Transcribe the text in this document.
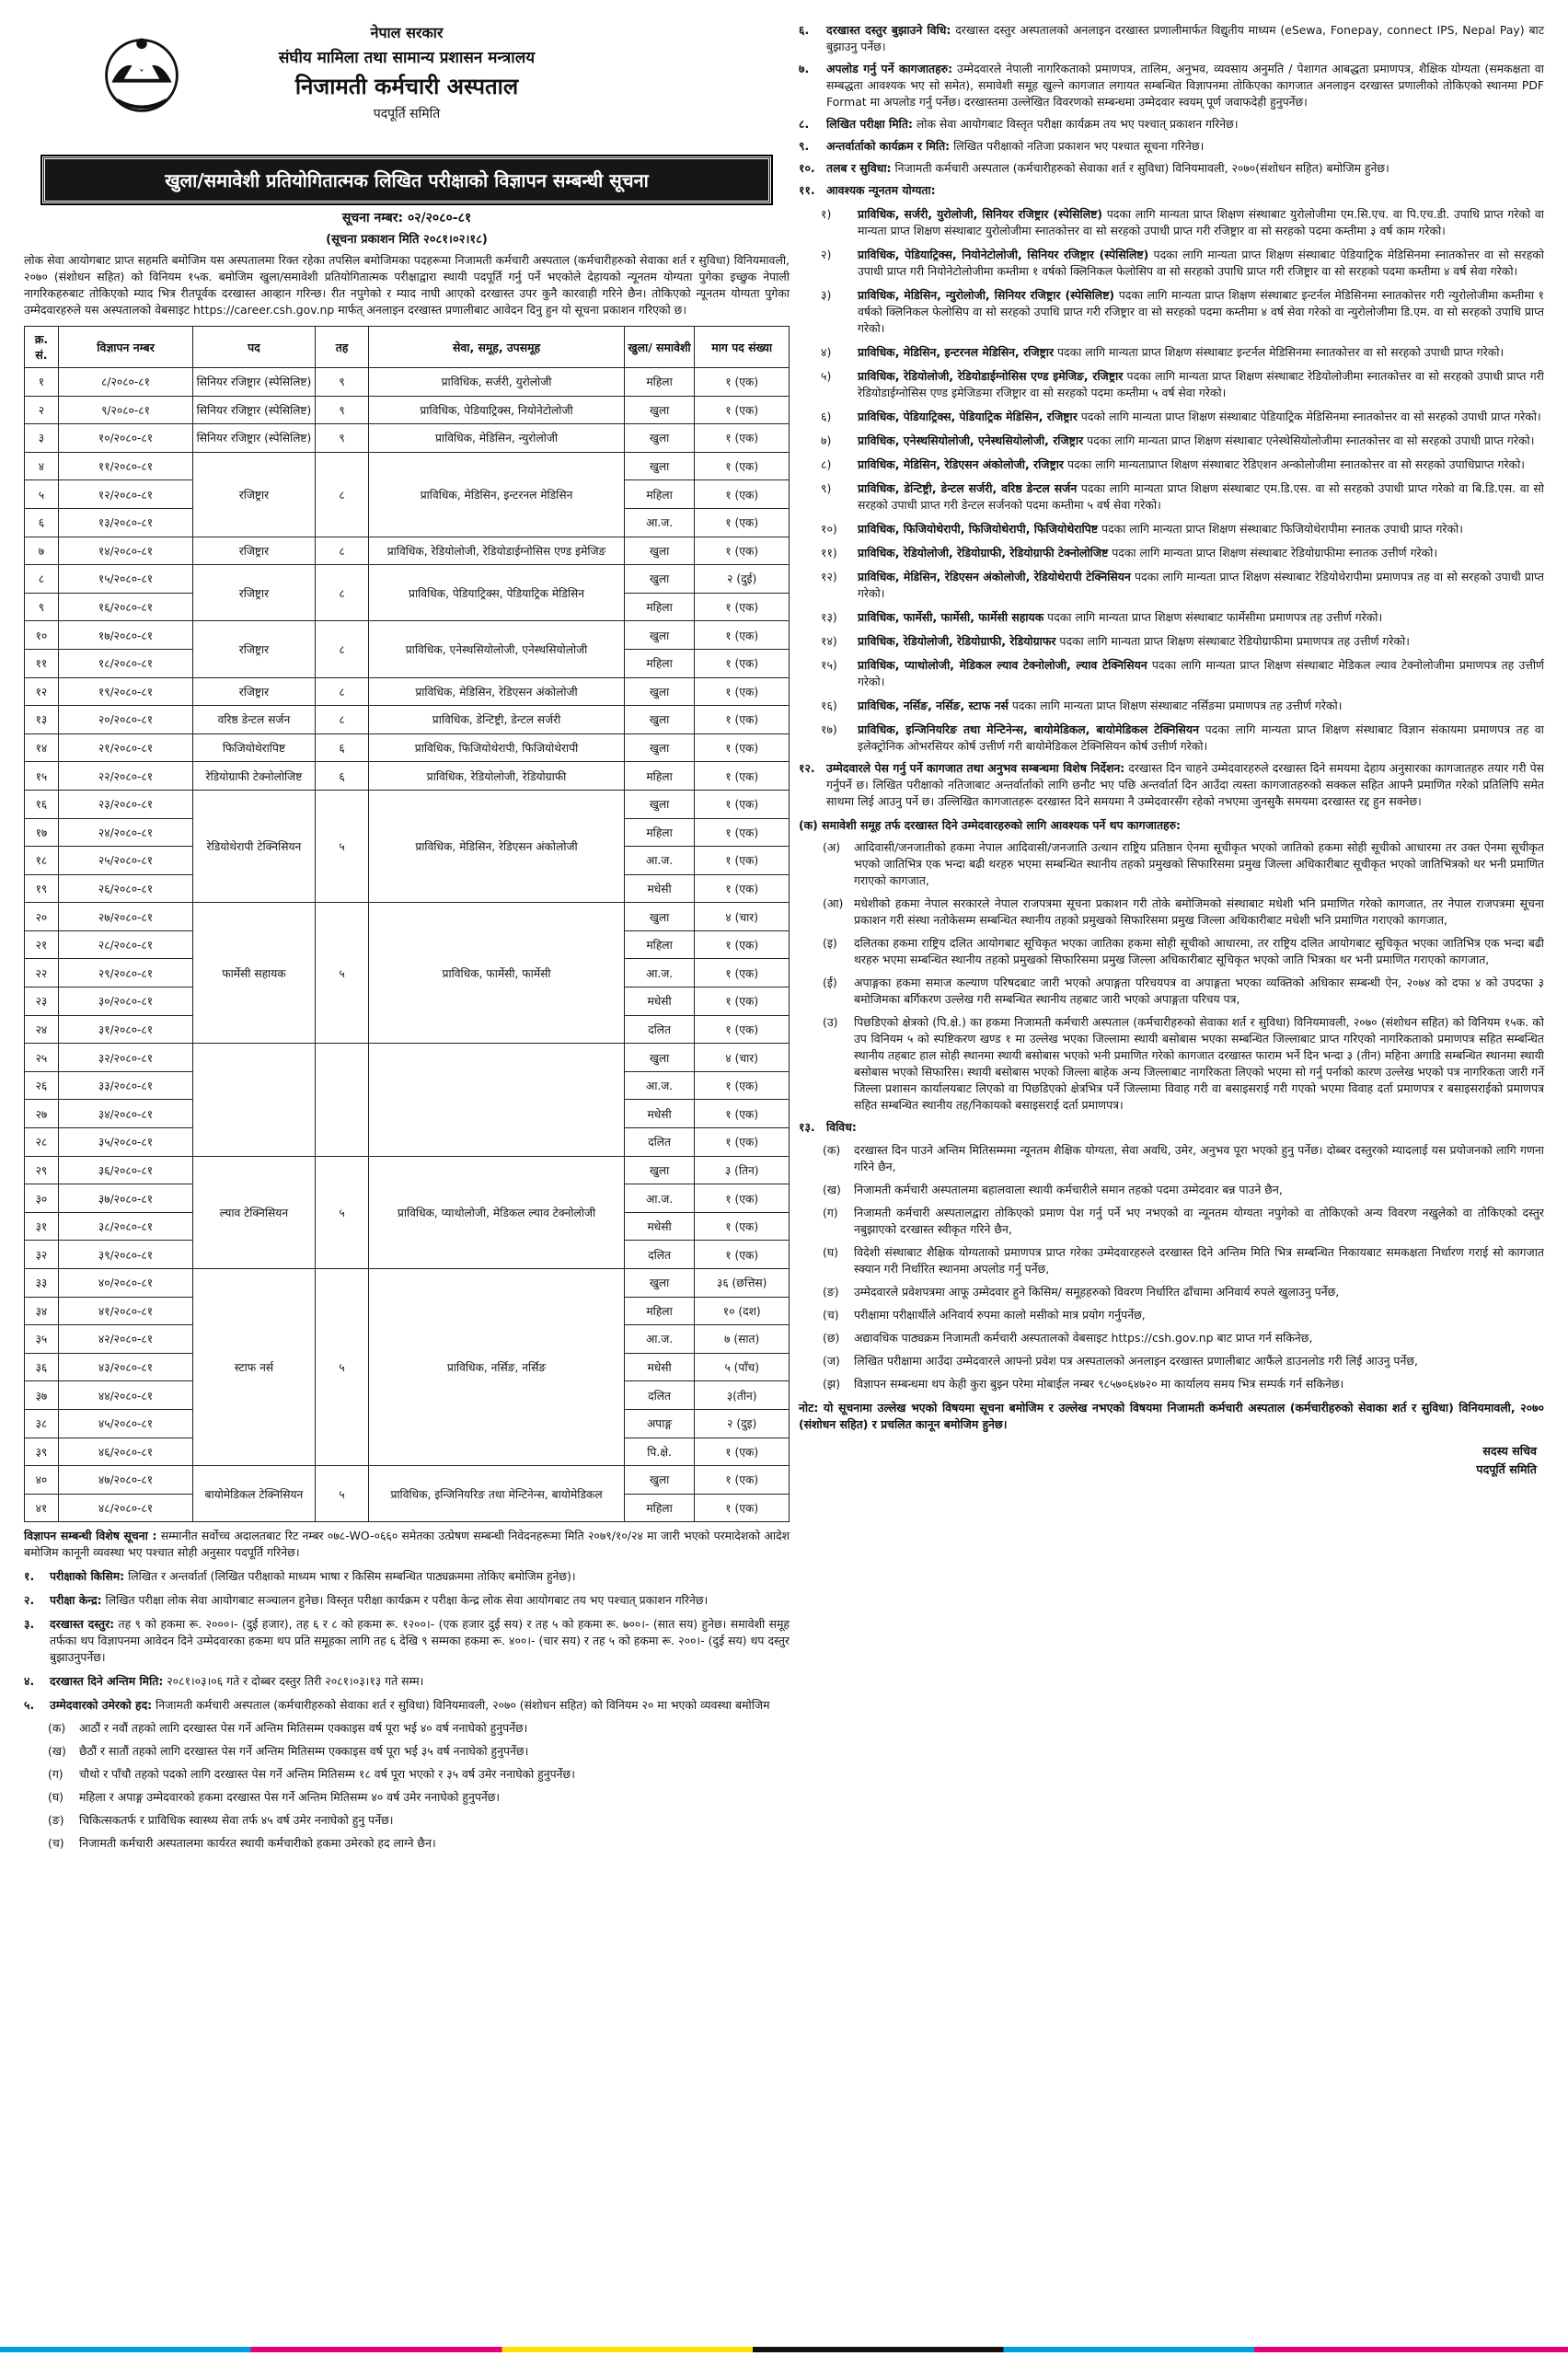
नेपाल सरकार
संघीय मामिला तथा सामान्य प्रशासन मन्त्रालय
निजामती कर्मचारी अस्पताल
पदपूर्ति समिति
खुला/समावेशी प्रतियोगितात्मक लिखित परीक्षाको विज्ञापन सम्बन्धी सूचना
सूचना नम्बर: ०२/२०८०-८१
(सूचना प्रकाशन मिति २०८१।०२।१८)
लोक सेवा आयोगबाट प्राप्त सहमति बमोजिम यस अस्पतालमा रिक्त रहेका तपसिल बमोजिमका पदहरूमा निजामती कर्मचारी अस्पताल (कर्मचारीहरुको सेवाका शर्त र सुविधा) विनियमावली, २०७० (संशोधन सहित) को विनियम १५क. बमोजिम खुला/समावेशी प्रतियोगितात्मक परीक्षाद्वारा स्थायी पदपूर्ति गर्नु पर्ने भएकोले देहायको न्यूनतम योग्यता पुगेका इच्छुक नेपाली नागरिकहरुबाट तोकिएको म्याद भित्र रीतपूर्वक दरखास्त आव्हान गरिन्छ। रीत नपुगेको र म्याद नाघी आएको दरखास्त उपर कुनै कारवाही गरिने छैन। तोकिएको न्यूनतम योग्यता पुगेका उम्मेदवारहरुले यस अस्पतालको वेबसाइट https://career.csh.gov.np मार्फत् अनलाइन दरखास्त प्रणालीबाट आवेदन दिनु हुन यो सूचना प्रकाशन गरिएको छ।
क्र. सं.	विज्ञापन नम्बर	पद	तह	सेवा, समूह, उपसमूह	खुला/ समावेशी	माग पद संख्या
१	८/२०८०-८१	सिनियर रजिष्ट्रार (स्पेसिलिष्ट)	९	प्राविधिक, सर्जरी, युरोलोजी	महिला	१ (एक)
२	९/२०८०-८१	सिनियर रजिष्ट्रार (स्पेसिलिष्ट)	९	प्राविधिक, पेडियाट्रिक्स, नियोनेटोलोजी	खुला	१ (एक)
३	१०/२०८०-८१	सिनियर रजिष्ट्रार (स्पेसिलिष्ट)	९	प्राविधिक, मेडिसिन, न्युरोलोजी	खुला	१ (एक)
४	११/२०८०-८१	रजिष्ट्रार	८	प्राविधिक, मेडिसिन, इन्टरनल मेडिसिन	खुला	१ (एक)
५	१२/२०८०-८१				महिला	१ (एक)
६	१३/२०८०-८१				आ.ज.	१ (एक)
७	१४/२०८०-८१	रजिष्ट्रार	८	प्राविधिक, रेडियोलोजी, रेडियोडाईग्नोसिस एण्ड इमेजिङ	खुला	१ (एक)
८	१५/२०८०-८१	रजिष्ट्रार	८	प्राविधिक, पेडियाट्रिक्स, पेडियाट्रिक मेडिसिन	खुला	२ (दुई)
९	१६/२०८०-८१				महिला	१ (एक)
१०	१७/२०८०-८१	रजिष्ट्रार	८	प्राविधिक, एनेस्थसियोलोजी, एनेस्थसियोलोजी	खुला	१ (एक)
११	१८/२०८०-८१				महिला	१ (एक)
१२	१९/२०८०-८१	रजिष्ट्रार	८	प्राविधिक, मेडिसिन, रेडिएसन अंकोलोजी	खुला	१ (एक)
१३	२०/२०८०-८१	वरिष्ठ डेन्टल सर्जन	८	प्राविधिक, डेन्टिष्ट्री, डेन्टल सर्जरी	खुला	१ (एक)
१४	२१/२०८०-८१	फिजियोथेरापिष्ट	६	प्राविधिक, फिजियोथेरापी, फिजियोथेरापी	खुला	१ (एक)
१५	२२/२०८०-८१	रेडियोग्राफी टेक्नोलोजिष्ट	६	प्राविधिक, रेडियोलोजी, रेडियोग्राफी	महिला	१ (एक)
१६	२३/२०८०-८१	रेडियोथेरापी टेक्निसियन	५	प्राविधिक, मेडिसिन, रेडिएसन अंकोलोजी	खुला	१ (एक)
१७	२४/२०८०-८१				महिला	१ (एक)
१८	२५/२०८०-८१				आ.ज.	१ (एक)
१९	२६/२०८०-८१				मधेसी	१ (एक)
२०	२७/२०८०-८१	फार्मेसी सहायक	५	प्राविधिक, फार्मेसी, फार्मेसी	खुला	४ (चार)
२१	२८/२०८०-८१				महिला	१ (एक)
२२	२९/२०८०-८१				आ.ज.	१ (एक)
२३	३०/२०८०-८१				मधेसी	१ (एक)
२४	३१/२०८०-८१				दलित	१ (एक)
२५	३२/२०८०-८१				खुला	४ (चार)
२६	३३/२०८०-८१				आ.ज.	१ (एक)
२७	३४/२०८०-८१				मधेसी	१ (एक)
२८	३५/२०८०-८१				दलित	१ (एक)
२९	३६/२०८०-८१	ल्याव टेक्निसियन	५	प्राविधिक, प्याथोलोजी, मेडिकल ल्याव टेक्नोलोजी	खुला	३ (तिन)
३०	३७/२०८०-८१				आ.ज.	१ (एक)
३१	३८/२०८०-८१				मधेसी	१ (एक)
३२	३९/२०८०-८१				दलित	१ (एक)
३३	४०/२०८०-८१	स्टाफ नर्स	५	प्राविधिक, नर्सिङ, नर्सिङ	खुला	३६ (छत्तिस)
३४	४१/२०८०-८१				महिला	१० (दश)
३५	४२/२०८०-८१				आ.ज.	७ (सात)
३६	४३/२०८०-८१				मधेसी	५ (पाँच)
३७	४४/२०८०-८१				दलित	३(तीन)
३८	४५/२०८०-८१				अपाङ्ग	२ (दुइ)
३९	४६/२०८०-८१				पि.क्षे.	१ (एक)
४०	४७/२०८०-८१	बायोमेडिकल टेक्निसियन	५	प्राविधिक, इन्जिनियरिङ तथा मेन्टिनेन्स, बायोमेडिकल	खुला	१ (एक)
४१	४८/२०८०-८१				महिला	१ (एक)
विज्ञापन सम्बन्धी विशेष सूचना : सम्मानीत सर्वोच्च अदालतबाट रिट नम्बर ०७८-WO-०६६० समेतका उत्प्रेषण सम्बन्धी निवेदनहरूमा मिति २०७९/१०/२४ मा जारी भएको परमादेशको आदेश बमोजिम कानूनी व्यवस्था भए पश्चात सोही अनुसार पदपूर्ति गरिनेछ।
१.	परीक्षाको किसिम: लिखित र अन्तर्वार्ता (लिखित परीक्षाको माध्यम भाषा र किसिम सम्बन्धित पाठ्यक्रममा तोकिए बमोजिम हुनेछ)।
२.	परीक्षा केन्द्र: लिखित परीक्षा लोक सेवा आयोगबाट सञ्चालन हुनेछ। विस्तृत परीक्षा कार्यक्रम र परीक्षा केन्द्र लोक सेवा आयोगबाट तय भए पश्चात् प्रकाशन गरिनेछ।
३.	दरखास्त दस्तुर: तह ९ को हकमा रू. २०००।- (दुई हजार), तह ६ र ८ को हकमा रू. १२००।- (एक हजार दुई सय) र तह ५ को हकमा रू. ७००।- (सात सय) हुनेछ। समावेशी समूह तर्फका थप विज्ञापनमा आवेदन दिने उम्मेदवारका हकमा थप प्रति समूहका लागि तह ६ देखि ९ सम्मका हकमा रू. ४००।- (चार सय) र तह ५ को हकमा रू. २००।- (दुई सय) थप दस्तुर बुझाउनुपर्नेछ।
४.	दरखास्त दिने अन्तिम मिति: २०८१।०३।०६ गते र दोब्बर दस्तुर तिरी २०८१।०३।१३ गते सम्म।
५.	उम्मेदवारको उमेरको हद: निजामती कर्मचारी अस्पताल (कर्मचारीहरुको सेवाका शर्त र सुविधा) विनियमावली, २०७० (संशोधन सहित) को विनियम २० मा भएको व्यवस्था बमोजिम
(क)	आठौं र नवौं तहको लागि दरखास्त पेस गर्ने अन्तिम मितिसम्म एक्काइस वर्ष पूरा भई ४० वर्ष ननाघेको हुनुपर्नेछ।
(ख)	छैठौं र सातौं तहको लागि दरखास्त पेस गर्ने अन्तिम मितिसम्म एक्काइस वर्ष पूरा भई ३५ वर्ष ननाघेको हुनुपर्नेछ।
(ग)	चौथो र पाँचौ तहको पदको लागि दरखास्त पेस गर्ने अन्तिम मितिसम्म १८ वर्ष पूरा भएको र ३५ वर्ष उमेर ननाघेको हुनुपर्नेछ।
(घ)	महिला र अपाङ्ग उम्मेदवारको हकमा दरखास्त पेस गर्ने अन्तिम मितिसम्म ४० वर्ष उमेर ननाघेको हुनुपर्नेछ।
(ङ)	चिकित्सकतर्फ र प्राविधिक स्वास्थ्य सेवा तर्फ ४५ वर्ष उमेर ननाघेको हुनु पर्नेछ।
(च)	निजामती कर्मचारी अस्पतालमा कार्यरत स्थायी कर्मचारीको हकमा उमेरको हद लाग्ने छैन।
६.	दरखास्त दस्तुर बुझाउने विधि: दरखास्त दस्तुर अस्पतालको अनलाइन दरखास्त प्रणालीमार्फत विद्युतीय माध्यम (eSewa, Fonepay, connect IPS, Nepal Pay) बाट बुझाउनु पर्नेछ।
७.	अपलोड गर्नु पर्ने कागजातहरु: उम्मेदवारले नेपाली नागरिकताको प्रमाणपत्र, तालिम, अनुभव, व्यवसाय अनुमति / पेशागत आबद्धता प्रमाणपत्र, शैक्षिक योग्यता (समकक्षता वा सम्बद्धता आवश्यक भए सो समेत), समावेशी समूह खुल्ने कागजात लगायत सम्बन्धित विज्ञापनमा तोकिएका कागजात अनलाइन दरखास्त प्रणालीको तोकिएको स्थानमा PDF Format मा अपलोड गर्नु पर्नेछ। दरखास्तमा उल्लेखित विवरणको सम्बन्धमा उम्मेदवार स्वयम् पूर्ण जवाफदेही हुनुपर्नेछ।
८.	लिखित परीक्षा मिति: लोक सेवा आयोगबाट विस्तृत परीक्षा कार्यक्रम तय भए पश्चात् प्रकाशन गरिनेछ।
९.	अन्तर्वार्ताको कार्यक्रम र मिति: लिखित परीक्षाको नतिजा प्रकाशन भए पश्चात सूचना गरिनेछ।
१०.	तलब र सुविधा: निजामती कर्मचारी अस्पताल (कर्मचारीहरुको सेवाका शर्त र सुविधा) विनियमावली, २०७०(संशोधन सहित) बमोजिम हुनेछ।
११.	आवश्यक न्यूनतम योग्यता:
१)	प्राविधिक, सर्जरी, युरोलोजी, सिनियर रजिष्ट्रार (स्पेसिलिष्ट) पदका लागि मान्यता प्राप्त शिक्षण संस्थाबाट युरोलोजीमा एम.सि.एच. वा पि.एच.डी. उपाधि प्राप्त गरेको वा मान्यता प्राप्त शिक्षण संस्थाबाट युरोलोजीमा स्नातकोत्तर वा सो सरहको उपाधी प्राप्त गरी रजिष्ट्रार वा सो सरहको पदमा कम्तीमा ३ वर्ष काम गरेको।
२)	प्राविधिक, पेडियाट्रिक्स, नियोनेटोलोजी, सिनियर रजिष्ट्रार (स्पेसिलिष्ट) पदका लागि मान्यता प्राप्त शिक्षण संस्थाबाट पेडियाट्रिक मेडिसिनमा स्नातकोत्तर वा सो सरहको उपाधी प्राप्त गरी नियोनेटोलोजीमा कम्तीमा १ वर्षको क्लिनिकल फेलोसिप वा सो सरहको उपाधि प्राप्त गरी रजिष्ट्रार वा सो सरहको पदमा कम्तीमा ४ वर्ष सेवा गरेको।
३)	प्राविधिक, मेडिसिन, न्युरोलोजी, सिनियर रजिष्ट्रार (स्पेसिलिष्ट) पदका लागि मान्यता प्राप्त शिक्षण संस्थाबाट इन्टर्नल मेडिसिनमा स्नातकोत्तर गरी न्युरोलोजीमा कम्तीमा १ वर्षको क्लिनिकल फेलोसिप वा सो सरहको उपाधि प्राप्त गरी रजिष्ट्रार वा सो सरहको पदमा कम्तीमा ४ वर्ष सेवा गरेको वा न्युरोलोजीमा डि.एम. वा सो सरहको उपाधि प्राप्त गरेको।
४)	प्राविधिक, मेडिसिन, इन्टरनल मेडिसिन, रजिष्ट्रार पदका लागि मान्यता प्राप्त शिक्षण संस्थाबाट इन्टर्नल मेडिसिनमा स्नातकोत्तर वा सो सरहको उपाधी प्राप्त गरेको।
५)	प्राविधिक, रेडियोलोजी, रेडियोडाईग्नोसिस एण्ड इमेजिङ, रजिष्ट्रार पदका लागि मान्यता प्राप्त शिक्षण संस्थाबाट रेडियोलोजीमा स्नातकोत्तर वा सो सरहको उपाधी प्राप्त गरी रेडियोडाईग्नोसिस एण्ड इमेजिङमा रजिष्ट्रार वा सो सरहको पदमा कम्तीमा ५ वर्ष सेवा गरेको।
६)	प्राविधिक, पेडियाट्रिक्स, पेडियाट्रिक मेडिसिन, रजिष्ट्रार पदको लागि मान्यता प्राप्त शिक्षण संस्थाबाट पेडियाट्रिक मेडिसिनमा स्नातकोत्तर वा सो सरहको उपाधी प्राप्त गरेको।
७)	प्राविधिक, एनेस्थसियोलोजी, एनेस्थसियोलोजी, रजिष्ट्रार पदका लागि मान्यता प्राप्त शिक्षण संस्थाबाट एनेस्थेसियोलोजीमा स्नातकोत्तर वा सो सरहको उपाधी प्राप्त गरेको।
८)	प्राविधिक, मेडिसिन, रेडिएसन अंकोलोजी, रजिष्ट्रार पदका लागि मान्यताप्राप्त शिक्षण संस्थाबाट रेडिएशन अन्कोलोजीमा स्नातकोत्तर वा सो सरहको उपाधिप्राप्त गरेको।
९)	प्राविधिक, डेन्टिष्ट्री, डेन्टल सर्जरी, वरिष्ठ डेन्टल सर्जन पदका लागि मान्यता प्राप्त शिक्षण संस्थाबाट एम.डि.एस. वा सो सरहको उपाधी प्राप्त गरेको वा बि.डि.एस. वा सो सरहको उपाधी प्राप्त गरी डेन्टल सर्जनको पदमा कम्तीमा ५ वर्ष सेवा गरेको।
१०)	प्राविधिक, फिजियोथेरापी, फिजियोथेरापी, फिजियोथेरापिष्ट पदका लागि मान्यता प्राप्त शिक्षण संस्थाबाट फिजियोथेरापीमा स्नातक उपाधी प्राप्त गरेको।
११)	प्राविधिक, रेडियोलोजी, रेडियोग्राफी, रेडियोग्राफी टेक्नोलोजिष्ट पदका लागि मान्यता प्राप्त शिक्षण संस्थाबाट रेडियोग्राफीमा स्नातक उत्तीर्ण गरेको।
१२)	प्राविधिक, मेडिसिन, रेडिएसन अंकोलोजी, रेडियोथेरापी टेक्निसियन पदका लागि मान्यता प्राप्त शिक्षण संस्थाबाट रेडियोथेरापीमा प्रमाणपत्र तह वा सो सरहको उपाधी प्राप्त गरेको।
१३)	प्राविधिक, फार्मेसी, फार्मेसी, फार्मेसी सहायक पदका लागि मान्यता प्राप्त शिक्षण संस्थाबाट फार्मेसीमा प्रमाणपत्र तह उत्तीर्ण गरेको।
१४)	प्राविधिक, रेडियोलोजी, रेडियोग्राफी, रेडियोग्राफर पदका लागि मान्यता प्राप्त शिक्षण संस्थाबाट रेडियोग्राफीमा प्रमाणपत्र तह उत्तीर्ण गरेको।
१५)	प्राविधिक, प्याथोलोजी, मेडिकल ल्याव टेक्नोलोजी, ल्याव टेक्निसियन पदका लागि मान्यता प्राप्त शिक्षण संस्थाबाट मेडिकल ल्याव टेक्नोलोजीमा प्रमाणपत्र तह उत्तीर्ण गरेको।
१६)	प्राविधिक, नर्सिङ, नर्सिङ, स्टाफ नर्स पदका लागि मान्यता प्राप्त शिक्षण संस्थाबाट नर्सिङमा प्रमाणपत्र तह उत्तीर्ण गरेको।
१७)	प्राविधिक, इन्जिनियरिङ तथा मेन्टिनेन्स, बायोमेडिकल, बायोमेडिकल टेक्निसियन पदका लागि मान्यता प्राप्त शिक्षण संस्थाबाट विज्ञान संकायमा प्रमाणपत्र तह वा इलेक्ट्रोनिक ओभरसियर कोर्ष उत्तीर्ण गरी बायोमेडिकल टेक्निसियन कोर्ष उत्तीर्ण गरेको।
१२.	उम्मेदवारले पेस गर्नु पर्ने कागजात तथा अनुभव सम्बन्धमा विशेष निर्देशन: दरखास्त दिन चाहने उम्मेदवारहरुले दरखास्त दिने समयमा देहाय अनुसारका कागजातहरु तयार गरी पेस गर्नुपर्ने छ। लिखित परीक्षाको नतिजाबाट अन्तर्वार्ताको लागि छनौट भए पछि अन्तर्वार्ता दिन आउँदा त्यस्ता कागजातहरुको सक्कल सहित आफ्नै प्रमाणित गरेको प्रतिलिपि समेत साथमा लिई आउनु पर्ने छ। उल्लिखित कागजातहरू दरखास्त दिने समयमा नै उम्मेदवारसँग रहेको नभएमा जुनसुकै समयमा दरखास्त रद्द हुन सक्नेछ।
(क) समावेशी समूह तर्फ दरखास्त दिने उम्मेदवारहरुको लागि आवश्यक पर्ने थप कागजातहरु:
(अ)	आदिवासी/जनजातीको हकमा नेपाल आदिवासी/जनजाति उत्थान राष्ट्रिय प्रतिष्ठान ऐनमा सूचीकृत भएको जातिको हकमा सोही सूचीको आधारमा तर उक्त ऐनमा सूचीकृत भएको जातिभित्र एक भन्दा बढी थरहरु भएमा सम्बन्धित स्थानीय तहको प्रमुखको सिफारिसमा प्रमुख जिल्ला अधिकारीबाट सूचीकृत भएको जातिभित्रको थर भनी प्रमाणित गराएको कागजात,
(आ) मधेशीको हकमा नेपाल सरकारले नेपाल राजपत्रमा सूचना प्रकाशन गरी तोके बमोजिमको संस्थाबाट मधेशी भनि प्रमाणित गरेको कागजात, तर नेपाल राजपत्रमा सूचना प्रकाशन गरी संस्था नतोकेसम्म सम्बन्धित स्थानीय तहको प्रमुखको सिफारिसमा प्रमुख जिल्ला अधिकारीबाट मधेशी भनि प्रमाणित गराएको कागजात,
(इ)	दलितका हकमा राष्ट्रिय दलित आयोगबाट सूचिकृत भएका जातिका हकमा सोही सूचीको आधारमा, तर राष्ट्रिय दलित आयोगबाट सूचिकृत भएका जातिभित्र एक भन्दा बढी थरहरु भएमा सम्बन्धित स्थानीय तहको प्रमुखको सिफारिसमा प्रमुख जिल्ला अधिकारीबाट सूचिकृत भएको जाति भित्रका थर भनी प्रमाणित गराएको कागजात,
(ई)	अपाङ्गका हकमा समाज कल्याण परिषदबाट जारी भएको अपाङ्गता परिचयपत्र वा अपाङ्गता भएका व्यक्तिको अधिकार सम्बन्धी ऐन, २०७४ को दफा ४ को उपदफा ३ बमोजिमका बर्गिकरण उल्लेख गरी सम्बन्धित स्थानीय तहबाट जारी भएको अपाङ्गता परिचय पत्र,
(उ)	पिछडिएको क्षेत्रको (पि.क्षे.) का हकमा निजामती कर्मचारी अस्पताल (कर्मचारीहरुको सेवाका शर्त र सुविधा) विनियमावली, २०७० (संशोधन सहित) को विनियम १५क. को उप विनियम ५ को स्पष्टिकरण खण्ड १ मा उल्लेख भएका जिल्लामा स्थायी बसोबास भएका सम्बन्धित जिल्लाबाट प्राप्त गरिएको नागरिकताको प्रमाणपत्र सहित सम्बन्धित स्थानीय तहबाट हाल सोही स्थानमा स्थायी बसोबास भएको भनी प्रमाणित गरेको कागजात दरखास्त फाराम भर्ने दिन भन्दा ३ (तीन) महिना अगाडि सम्बन्धित स्थानमा स्थायी बसोबास भएको सिफारिस। स्थायी बसोबास भएको जिल्ला बाहेक अन्य जिल्लाबाट नागरिकता लिएको भएमा सो गर्नु पर्नाको कारण उल्लेख भएको पत्र नागरिकता जारी गर्ने जिल्ला प्रशासन कार्यालयबाट लिएको वा पिछडिएको क्षेत्रभित्र पर्ने जिल्लामा विवाह गरी वा बसाइसराई गरी गएको भएमा विवाह दर्ता प्रमाणपत्र र बसाइसराईको प्रमाणपत्र सहित सम्बन्धित स्थानीय तह/निकायको बसाइसराई दर्ता प्रमाणपत्र।
१३.	विविध:
(क)	दरखास्त दिन पाउने अन्तिम मितिसम्ममा न्यूनतम शैक्षिक योग्यता, सेवा अवधि, उमेर, अनुभव पूरा भएको हुनु पर्नेछ। दोब्बर दस्तुरको म्यादलाई यस प्रयोजनको लागि गणना गरिने छैन,
(ख)	निजामती कर्मचारी अस्पतालमा बहालवाला स्थायी कर्मचारीले समान तहको पदमा उम्मेदवार बन्न पाउने छैन,
(ग)	निजामती कर्मचारी अस्पतालद्वारा तोकिएको प्रमाण पेश गर्नु पर्ने भए नभएको वा न्यूनतम योग्यता नपुगेको वा तोकिएको अन्य विवरण नखुलेको वा तोकिएको दस्तुर नबुझाएको दरखास्त स्वीकृत गरिने छैन,
(घ)	विदेशी संस्थाबाट शैक्षिक योग्यताको प्रमाणपत्र प्राप्त गरेका उम्मेदवारहरुले दरखास्त दिने अन्तिम मिति भित्र सम्बन्धित निकायबाट समकक्षता निर्धारण गराई सो कागजात स्क्यान गरी निर्धारित स्थानमा अपलोड गर्नु पर्नेछ,
(ङ)	उम्मेदवारले प्रवेशपत्रमा आफू उम्मेदवार हुने किसिम/ समूहहरुको विवरण निर्धारित ढाँचामा अनिवार्य रुपले खुलाउनु पर्नेछ,
(च)	परीक्षामा परीक्षार्थीले अनिवार्य रुपमा कालो मसीको मात्र प्रयोग गर्नुपर्नेछ,
(छ)	अद्यावधिक पाठ्यक्रम निजामती कर्मचारी अस्पतालको वेबसाइट https://csh.gov.np बाट प्राप्त गर्न सकिनेछ,
(ज)	लिखित परीक्षामा आउँदा उम्मेदवारले आफ्नो प्रवेश पत्र अस्पतालको अनलाइन दरखास्त प्रणालीबाट आफैंले डाउनलोड गरी लिई आउनु पर्नेछ,
(झ)	विज्ञापन सम्बन्धमा थप केही कुरा बुझ्न परेमा मोबाईल नम्बर ९८५७०६४७२० मा कार्यालय समय भित्र सम्पर्क गर्न सकिनेछ।
नोट: यो सूचनामा उल्लेख भएको विषयमा सूचना बमोजिम र उल्लेख नभएको विषयमा निजामती कर्मचारी अस्पताल (कर्मचारीहरुको सेवाका शर्त र सुविधा) विनियमावली, २०७० (संशोधन सहित) र प्रचलित कानून बमोजिम हुनेछ।
सदस्य सचिव
पदपूर्ति समिति
